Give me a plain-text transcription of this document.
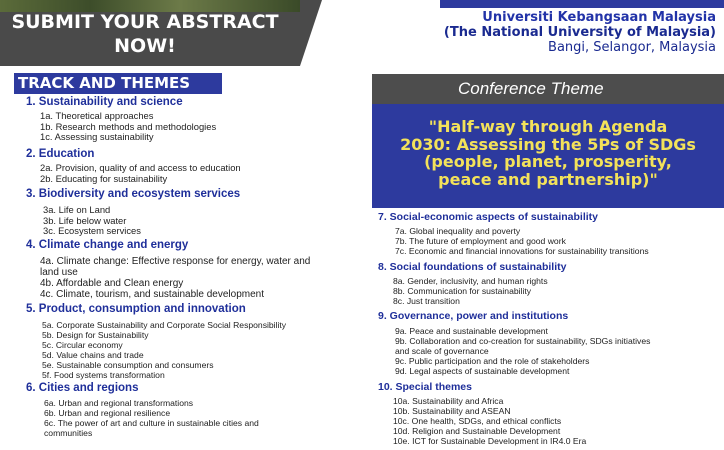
SUBMIT YOUR ABSTRACT
NOW!
Universiti Kebangsaan Malaysia
(The National University of Malaysia)
Bangi, Selangor, Malaysia
Conference Theme
"Half-way through Agenda
2030: Assessing the 5Ps of SDGs
(people, planet, prosperity,
peace and partnership)"
TRACK AND THEMES
1. Sustainability and science
1a. Theoretical approaches
1b. Research methods and methodologies
1c. Assessing sustainability
2. Education
2a. Provision, quality of and access to education
2b. Educating for sustainability
3. Biodiversity and ecosystem services
3a. Life on Land
3b. Life below water
3c. Ecosystem services
4. Climate change and energy
4a. Climate change: Effective response for energy, water and
land use
4b. Affordable and Clean energy
4c. Climate, tourism, and sustainable development
5. Product, consumption and innovation
5a. Corporate Sustainability and Corporate Social Responsibility
5b. Design for Sustainability
5c. Circular economy
5d. Value chains and trade
5e. Sustainable consumption and consumers
5f. Food systems transformation
6. Cities and regions
6a. Urban and regional transformations
6b. Urban and regional resilience
6c. The power of art and culture in sustainable cities and
communities
7. Social-economic aspects of sustainability
7a. Global inequality and poverty
7b. The future of employment and good work
7c. Economic and financial innovations for sustainability transitions
8. Social foundations of sustainability
8a. Gender, inclusivity, and human rights
8b. Communication for sustainability
8c. Just transition
9. Governance, power and institutions
9a. Peace and sustainable development
9b. Collaboration and co-creation for sustainability, SDGs initiatives
and scale of governance
9c. Public participation and the role of stakeholders
9d. Legal aspects of sustainable development
10. Special themes
10a. Sustainability and Africa
10b. Sustainability and ASEAN
10c. One health, SDGs, and ethical conflicts
10d. Religion and Sustainable Development
10e. ICT for Sustainable Development in IR4.0 Era
